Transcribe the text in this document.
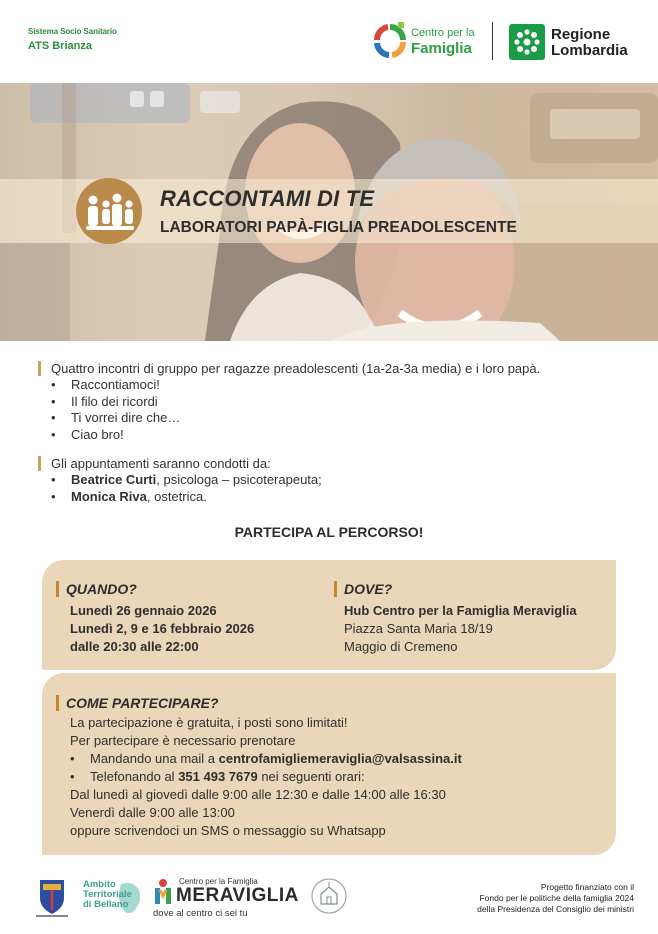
Sistema Socio Sanitario
ATS Brianza
Centro per la
Famiglia
Regione
Lombardia
RACCONTAMI DI TE
LABORATORI PAPÀ-FIGLIA PREADOLESCENTE
Quattro incontri di gruppo per ragazze preadolescenti (1a-2a-3a media) e i loro papà.
• Raccontiamoci!
• Il filo dei ricordi
• Ti vorrei dire che…
• Ciao bro!
Gli appuntamenti saranno condotti da:
• Beatrice Curti, psicologa – psicoterapeuta;
• Monica Riva, ostetrica.
PARTECIPA AL PERCORSO!
QUANDO?
Lunedì 26 gennaio 2026
Lunedì 2, 9 e 16 febbraio 2026
dalle 20:30 alle 22:00
DOVE?
Hub Centro per la Famiglia Meraviglia
Piazza Santa Maria 18/19
Maggio di Cremeno
COME PARTECIPARE?
La partecipazione è gratuita, i posti sono limitati!
Per partecipare è necessario prenotare
• Mandando una mail a centrofamigliemeraviglia@valsassina.it
• Telefonando al 351 493 7679 nei seguenti orari:
Dal lunedì al giovedì dalle 9:00 alle 12:30 e dalle 14:00 alle 16:30
Venerdì dalle 9:00 alle 13:00
oppure scrivendoci un SMS o messaggio su Whatsapp
Ambito
Territoriale
di Bellano
Centro per la Famiglia
MERAVIGLIA
dove al centro ci sei tu
Progetto finanziato con il
Fondo per le politiche della famiglia 2024
della Presidenza del Consiglio dei ministri
